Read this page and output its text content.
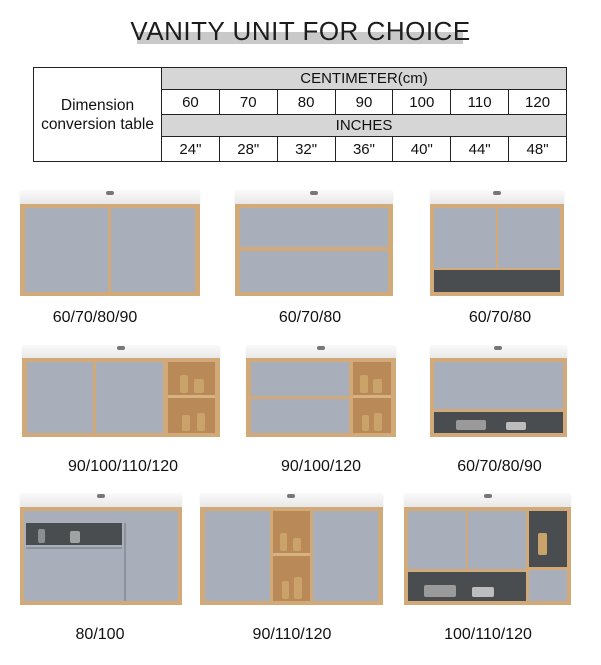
VANITY UNIT FOR CHOICE
Dimension conversion table	CENTIMETER(cm)						
	60	70	80	90	100	110	120
	INCHES						
	24"	28"	32"	36"	40"	44"	48"
60/70/80/90	60/70/80	60/70/80
90/100/110/120	90/100/120	60/70/80/90
80/100	90/110/120	100/110/120
